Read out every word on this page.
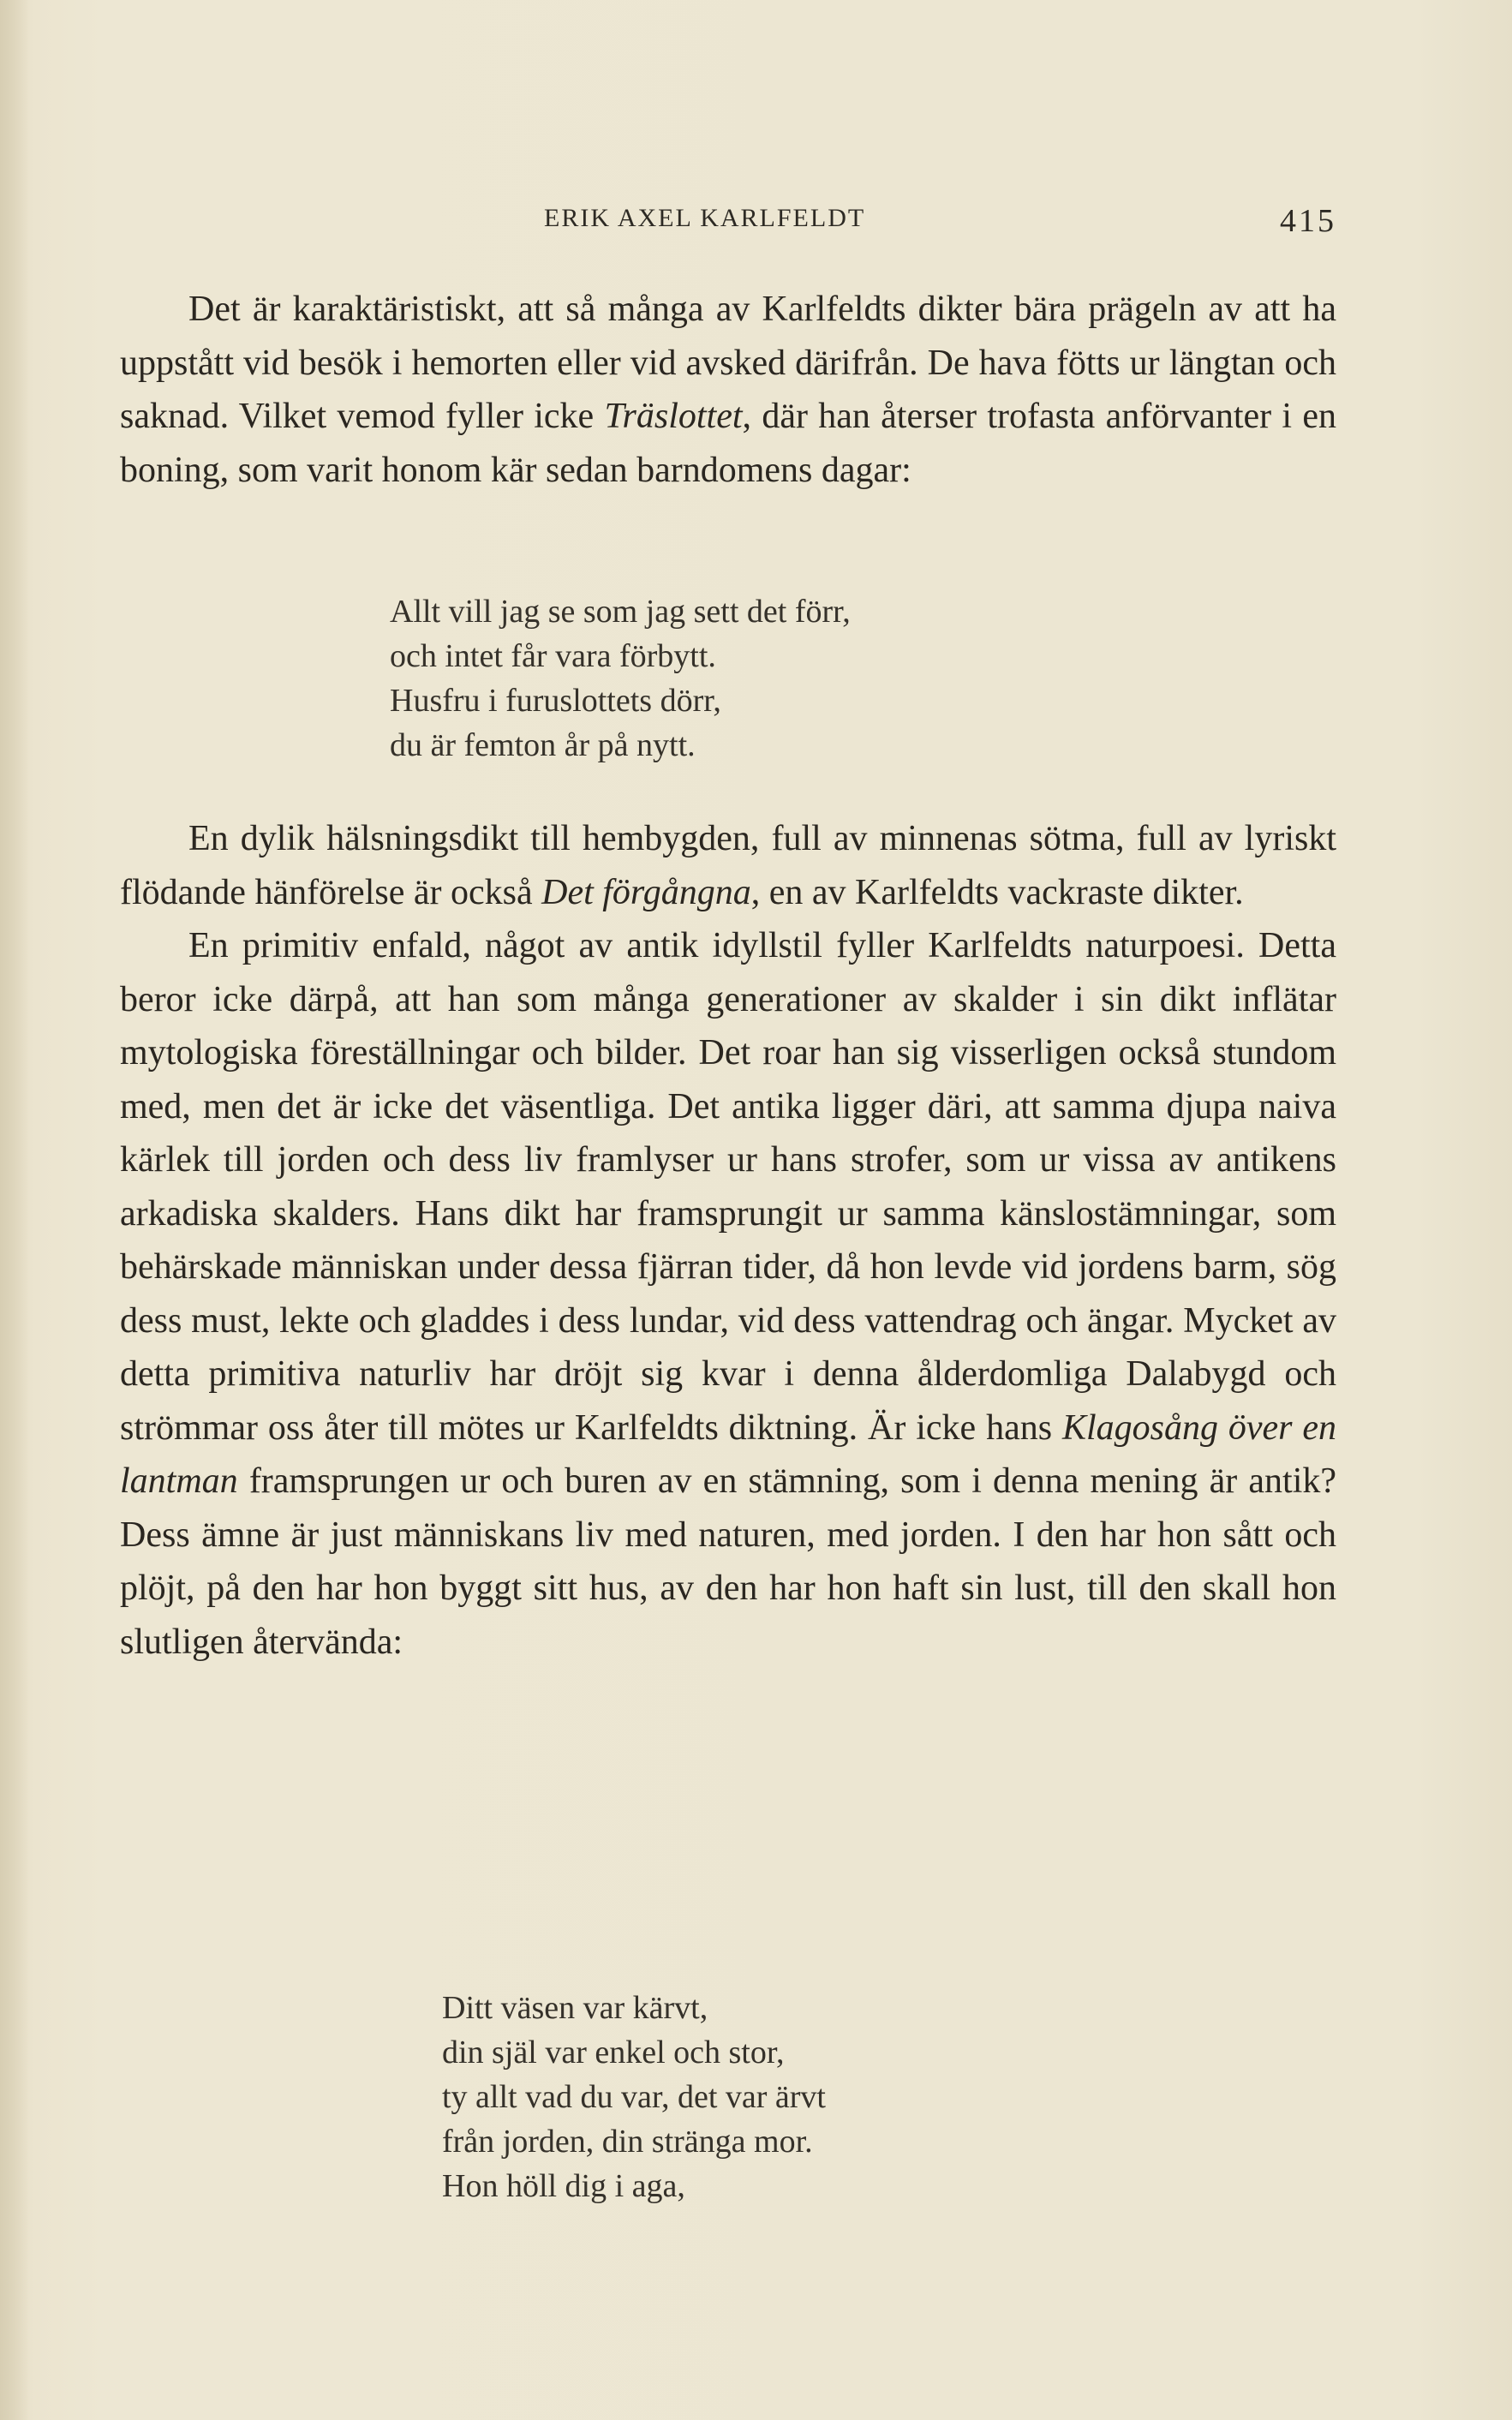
ERIK AXEL KARLFELDT	415

Det är karaktäristiskt, att så många av Karlfeldts dikter bära prägeln av att ha uppstått vid besök i hemorten eller vid avsked därifrån. De hava fötts ur längtan och saknad. Vilket vemod fyller icke Träslottet, där han återser trofasta anförvanter i en boning, som varit honom kär sedan barndomens dagar:

Allt vill jag se som jag sett det förr,
och intet får vara förbytt.
Husfru i furuslottets dörr,
du är femton år på nytt.

En dylik hälsningsdikt till hembygden, full av minnenas sötma, full av lyriskt flödande hänförelse är också Det förgångna, en av Karlfeldts vackraste dikter.

En primitiv enfald, något av antik idyllstil fyller Karlfeldts naturpoesi. Detta beror icke därpå, att han som många generationer av skalder i sin dikt inflätar mytologiska föreställningar och bilder. Det roar han sig visserligen också stundom med, men det är icke det väsentliga. Det antika ligger däri, att samma djupa naiva kärlek till jorden och dess liv framlyser ur hans strofer, som ur vissa av antikens arkadiska skalders. Hans dikt har framsprungit ur samma känslostämningar, som behärskade människan under dessa fjärran tider, då hon levde vid jordens barm, sög dess must, lekte och gladdes i dess lundar, vid dess vattendrag och ängar. Mycket av detta primitiva naturliv har dröjt sig kvar i denna ålderdomliga Dalabygd och strömmar oss åter till mötes ur Karlfeldts diktning. Är icke hans Klagosång över en lantman framsprungen ur och buren av en stämning, som i denna mening är antik? Dess ämne är just människans liv med naturen, med jorden. I den har hon sått och plöjt, på den har hon byggt sitt hus, av den har hon haft sin lust, till den skall hon slutligen återvända:

Ditt väsen var kärvt,
din själ var enkel och stor,
ty allt vad du var, det var ärvt
från jorden, din stränga mor.
Hon höll dig i aga,
